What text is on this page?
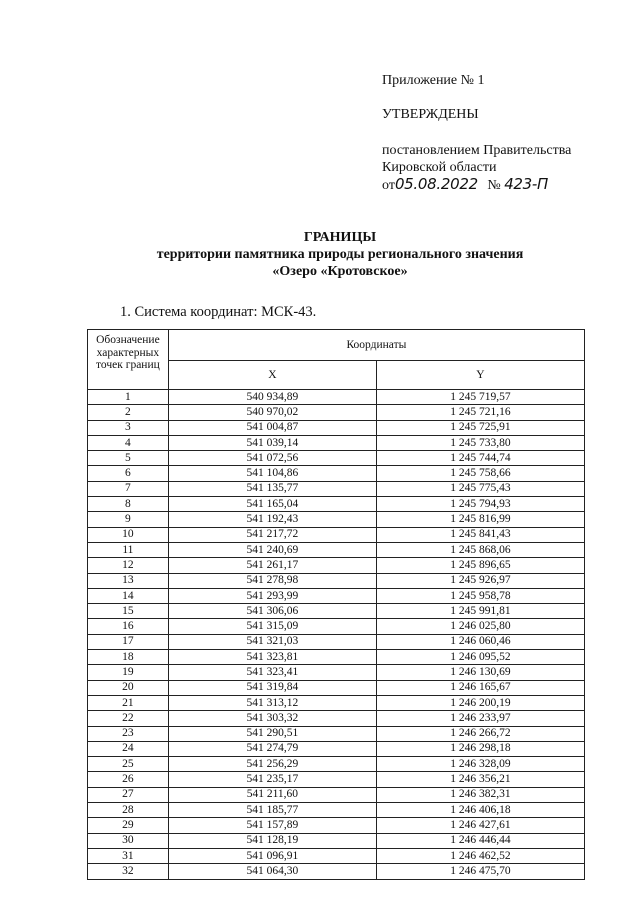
Приложение № 1
УТВЕРЖДЕНЫ
постановлением Правительства
Кировской области
от05.08.2022 № 423-П
ГРАНИЦЫ
территории памятника природы регионального значения
«Озеро «Кротовское»
1. Система координат: МСК-43.
Обозначение характерных точек границ	Координаты	
	X	Y
1	540 934,89	1 245 719,57
2	540 970,02	1 245 721,16
3	541 004,87	1 245 725,91
4	541 039,14	1 245 733,80
5	541 072,56	1 245 744,74
6	541 104,86	1 245 758,66
7	541 135,77	1 245 775,43
8	541 165,04	1 245 794,93
9	541 192,43	1 245 816,99
10	541 217,72	1 245 841,43
11	541 240,69	1 245 868,06
12	541 261,17	1 245 896,65
13	541 278,98	1 245 926,97
14	541 293,99	1 245 958,78
15	541 306,06	1 245 991,81
16	541 315,09	1 246 025,80
17	541 321,03	1 246 060,46
18	541 323,81	1 246 095,52
19	541 323,41	1 246 130,69
20	541 319,84	1 246 165,67
21	541 313,12	1 246 200,19
22	541 303,32	1 246 233,97
23	541 290,51	1 246 266,72
24	541 274,79	1 246 298,18
25	541 256,29	1 246 328,09
26	541 235,17	1 246 356,21
27	541 211,60	1 246 382,31
28	541 185,77	1 246 406,18
29	541 157,89	1 246 427,61
30	541 128,19	1 246 446,44
31	541 096,91	1 246 462,52
32	541 064,30	1 246 475,70
